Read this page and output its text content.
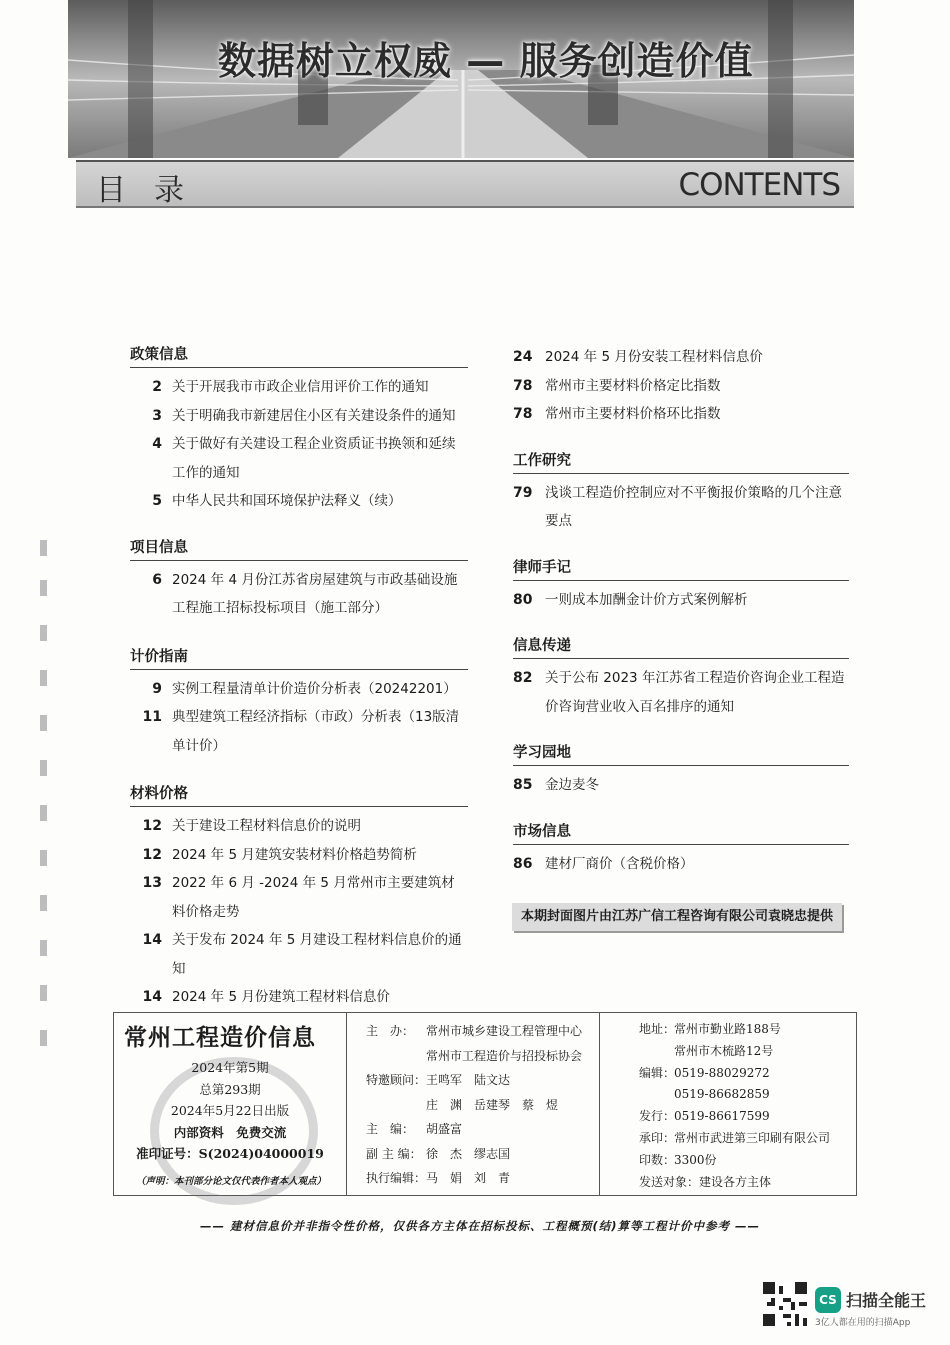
数据树立权威 — 服务创造价值
目录	CONTENTS
政策信息
2 关于开展我市市政企业信用评价工作的通知
3 关于明确我市新建居住小区有关建设条件的通知
4 关于做好有关建设工程企业资质证书换领和延续工作的通知
5 中华人民共和国环境保护法释义（续）
项目信息
6 2024 年 4 月份江苏省房屋建筑与市政基础设施工程施工招标投标项目（施工部分）
计价指南
9 实例工程量清单计价造价分析表（20242201）
11 典型建筑工程经济指标（市政）分析表（13版清单计价）
材料价格
12 关于建设工程材料信息价的说明
12 2024 年 5 月建筑安装材料价格趋势简析
13 2022 年 6 月 -2024 年 5 月常州市主要建筑材料价格走势
14 关于发布 2024 年 5 月建设工程材料信息价的通知
14 2024 年 5 月份建筑工程材料信息价
24 2024 年 5 月份安装工程材料信息价
78 常州市主要材料价格定比指数
78 常州市主要材料价格环比指数
工作研究
79 浅谈工程造价控制应对不平衡报价策略的几个注意要点
律师手记
80 一则成本加酬金计价方式案例解析
信息传递
82 关于公布 2023 年江苏省工程造价咨询企业工程造价咨询营业收入百名排序的通知
学习园地
85 金边麦冬
市场信息
86 建材厂商价（含税价格）
本期封面图片由江苏广信工程咨询有限公司袁晓忠提供
常州工程造价信息
2024年第5期
总第293期
2024年5月22日出版
内部资料　免费交流
准印证号：S(2024)04000019
（声明：本刊部分论文仅代表作者本人观点）
主　办： 常州市城乡建设工程管理中心
常州市工程造价与招投标协会
特邀顾问： 王鸣军　陆文达
庄　渊　岳建琴　蔡　煜
主　编： 胡盛富
副 主 编： 徐　杰　缪志国
执行编辑： 马　娟　刘　青
地址：
常州市勤业路188号
常州市木梳路12号
编辑：
0519-88029272
0519-86682859
发行：
0519-86617599
承印：
常州市武进第三印刷有限公司
印数：
3300份
发送对象： 建设各方主体
—— 建材信息价并非指令性价格，仅供各方主体在招标投标、工程概预(结)算等工程计价中参考 ——
CS 扫描全能王
3亿人都在用的扫描App
